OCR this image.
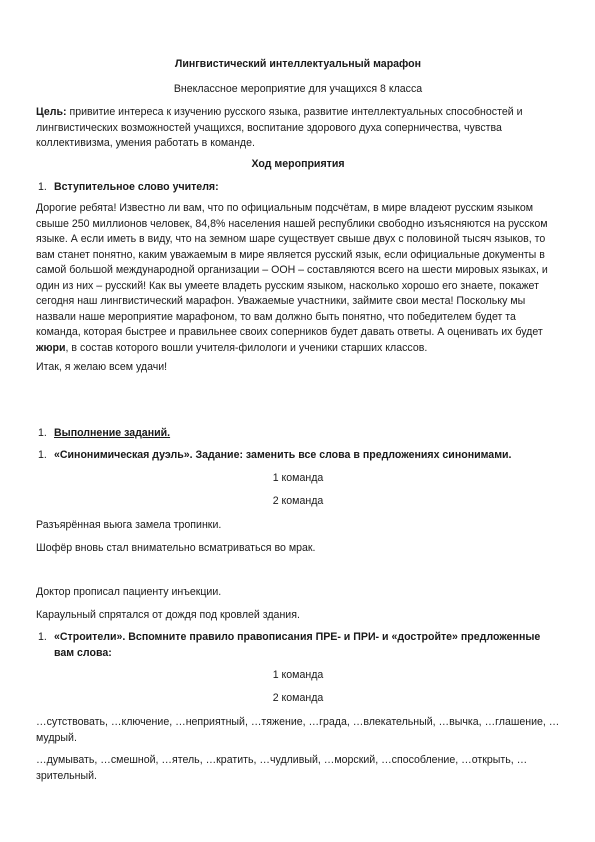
Лингвистический интеллектуальный марафон

Внеклассное мероприятие для учащихся 8 класса

Цель: привитие интереса к изучению русского языка, развитие интеллектуальных способностей и лингвистических возможностей учащихся, воспитание здорового духа соперничества, чувства коллективизма, умения работать в команде.

Ход мероприятия

1. Вступительное слово учителя:

Дорогие ребята! Известно ли вам, что по официальным подсчётам, в мире владеют русским языком свыше 250 миллионов человек, 84,8% населения нашей республики свободно изъясняются на русском языке. А если иметь в виду, что на земном шаре существует свыше двух с половиной тысяч языков, то вам станет понятно, каким уважаемым в мире является русский язык, если официальные документы в самой большой международной организации – ООН – составляются всего на шести мировых языках, и один из них – русский! Как вы умеете владеть русским языком, насколько хорошо его знаете, покажет сегодня наш лингвистический марафон. Уважаемые участники, займите свои места! Поскольку мы назвали наше мероприятие марафоном, то вам должно быть понятно, что победителем будет та команда, которая быстрее и правильнее своих соперников будет давать ответы. А оценивать их будет жюри, в состав которого вошли учителя-филологи и ученики старших классов.

Итак, я желаю всем удачи!

1. Выполнение заданий.

1. «Синонимическая дуэль». Задание: заменить все слова в предложениях синонимами.

1 команда

2 команда

Разъярённая вьюга замела тропинки.

Шофёр вновь стал внимательно всматриваться во мрак.

Доктор прописал пациенту инъекции.

Караульный спрятался от дождя под кровлей здания.

1. «Строители». Вспомните правило правописания ПРЕ- и ПРИ- и «достройте» предложенные вам слова:

1 команда

2 команда

…сутствовать, …ключение, …неприятный, …тяжение, …града, …влекательный, …вычка, …глашение, …мудрый.

…думывать, …смешной, …ятель, …кратить, …чудливый, …морский, …способление, …открыть, …зрительный.
